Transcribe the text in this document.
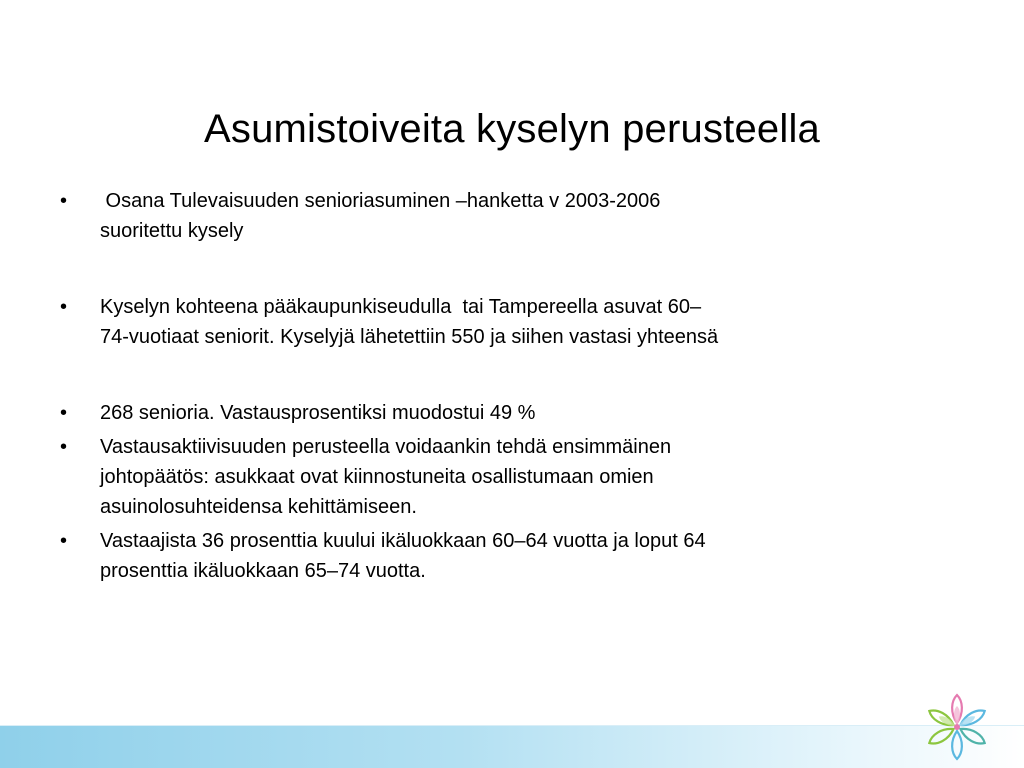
Asumistoiveita kyselyn perusteella
•	Osana Tulevaisuuden senioriasuminen –hanketta v 2003-2006
suoritettu kysely
•	Kyselyn kohteena pääkaupunkiseudulla  tai Tampereella asuvat 60–
74-vuotiaat seniorit. Kyselyjä lähetettiin 550 ja siihen vastasi yhteensä
•	268 senioria. Vastausprosentiksi muodostui 49 %
•	Vastausaktiivisuuden perusteella voidaankin tehdä ensimmäinen
johtopäätös: asukkaat ovat kiinnostuneita osallistumaan omien
asuinolosuhteidensa kehittämiseen.
•	Vastaajista 36 prosenttia kuului ikäluokkaan 60–64 vuotta ja loput 64
prosenttia ikäluokkaan 65–74 vuotta.
